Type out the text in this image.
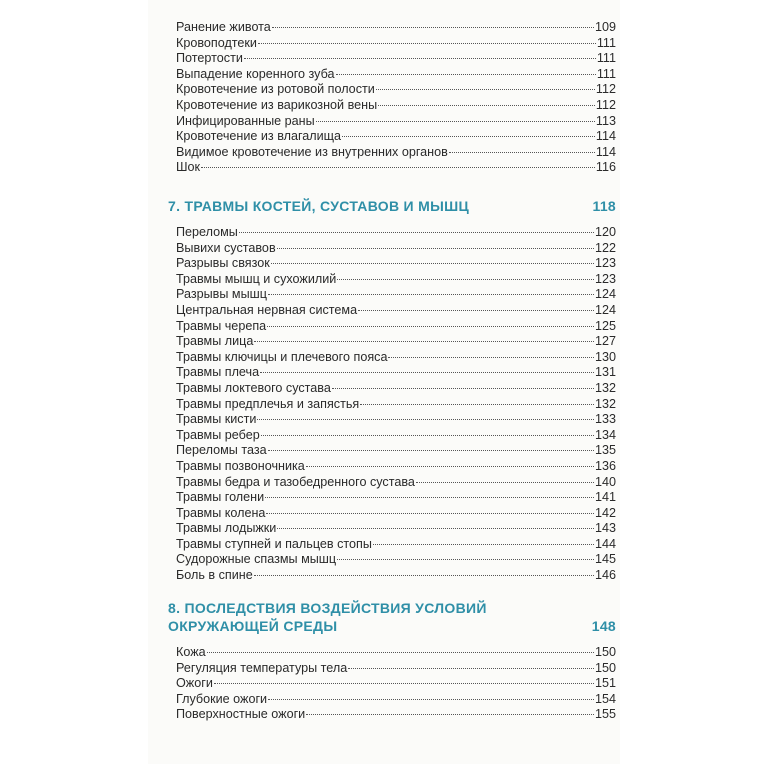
Ранение живота	109
Кровоподтеки	111
Потертости	111
Выпадение коренного зуба	111
Кровотечение из ротовой полости	112
Кровотечение из варикозной вены	112
Инфицированные раны	113
Кровотечение из влагалища	114
Видимое кровотечение из внутренних органов	114
Шок	116
7. ТРАВМЫ КОСТЕЙ, СУСТАВОВ И МЫШЦ	118
Переломы	120
Вывихи суставов	122
Разрывы связок	123
Травмы мышц и сухожилий	123
Разрывы мышц	124
Центральная нервная система	124
Травмы черепа	125
Травмы лица	127
Травмы ключицы и плечевого пояса	130
Травмы плеча	131
Травмы локтевого сустава	132
Травмы предплечья и запястья	132
Травмы кисти	133
Травмы ребер	134
Переломы таза	135
Травмы позвоночника	136
Травмы бедра и тазобедренного сустава	140
Травмы голени	141
Травмы колена	142
Травмы лодыжки	143
Травмы ступней и пальцев стопы	144
Судорожные спазмы мышц	145
Боль в спине	146
8. ПОСЛЕДСТВИЯ ВОЗДЕЙСТВИЯ УСЛОВИЙ
ОКРУЖАЮЩЕЙ СРЕДЫ	148
Кожа	150
Регуляция температуры тела	150
Ожоги	151
Глубокие ожоги	154
Поверхностные ожоги	155
